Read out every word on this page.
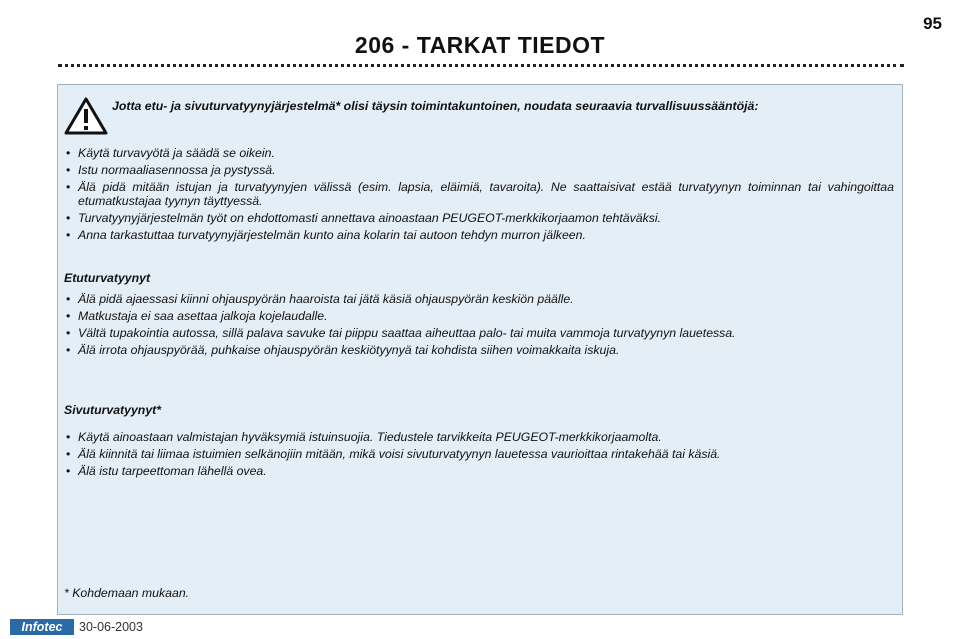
206 - TARKAT TIEDOT
95
Jotta etu- ja sivuturvatyynyjärjestelmä* olisi täysin toimintakuntoinen, noudata seuraavia turvallisuussääntöjä:
• Käytä turvavyötä ja säädä se oikein.
• Istu normaaliasennossa ja pystyssä.
• Älä pidä mitään istujan ja turvatyynyjen välissä (esim. lapsia, eläimiä, tavaroita). Ne saattaisivat estää turvatyynyn toiminnan tai vahingoittaa etumatkustajaa tyynyn täyttyessä.
• Turvatyynyjärjestelmän työt on ehdottomasti annettava ainoastaan PEUGEOT-merkkikorjaamon tehtäväksi.
• Anna tarkastuttaa turvatyynyjärjestelmän kunto aina kolarin tai autoon tehdyn murron jälkeen.
Etuturvatyynyt
• Älä pidä ajaessasi kiinni ohjauspyörän haaroista tai jätä käsiä ohjauspyörän keskiön päälle.
• Matkustaja ei saa asettaa jalkoja kojelaudalle.
• Vältä tupakointia autossa, sillä palava savuke tai piippu saattaa aiheuttaa palo- tai muita vammoja turvatyynyn lauetessa.
• Älä irrota ohjauspyörää, puhkaise ohjauspyörän keskiötyynyä tai kohdista siihen voimakkaita iskuja.
Sivuturvatyynyt*
• Käytä ainoastaan valmistajan hyväksymiä istuinsuojia. Tiedustele tarvikkeita PEUGEOT-merkkikorjaamolta.
• Älä kiinnitä tai liimaa istuimien selkänojiin mitään, mikä voisi sivuturvatyynyn lauetessa vaurioittaa rintakehää tai käsiä.
• Älä istu tarpeettoman lähellä ovea.
* Kohdemaan mukaan.
Infotec	30-06-2003
